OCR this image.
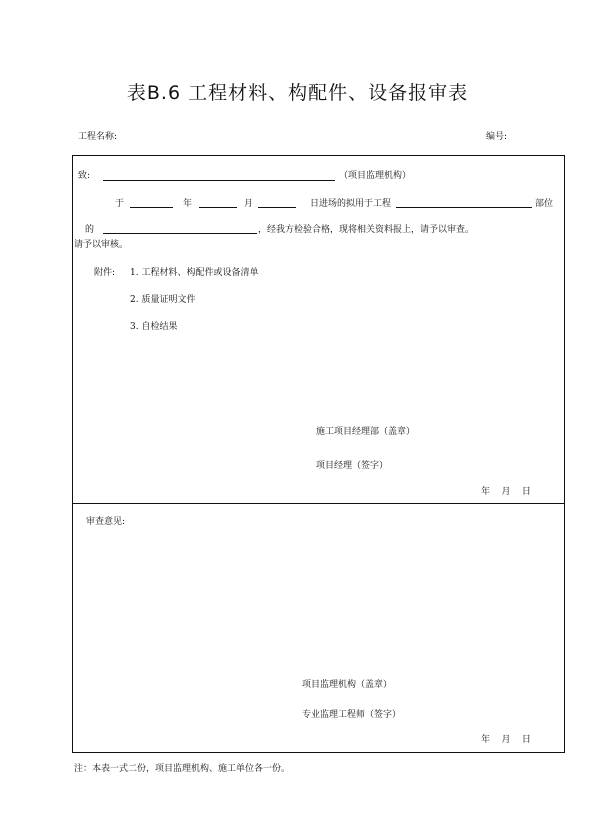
表B.6 工程材料、构配件、设备报审表
工程名称:	编号:
致:	（项目监理机构）
于	年	月	日进场的拟用于工程	部位
的	，经我方检验合格，现将相关资料报上，请予以审查。
请予以审核。
附件: 1. 工程材料、构配件或设备清单
2. 质量证明文件
3. 自检结果
施工项目经理部（盖章）
项目经理（签字）
年    月    日
审查意见:
项目监理机构（盖章）
专业监理工程师（签字）
年    月    日
注：本表一式二份，项目监理机构、施工单位各一份。
